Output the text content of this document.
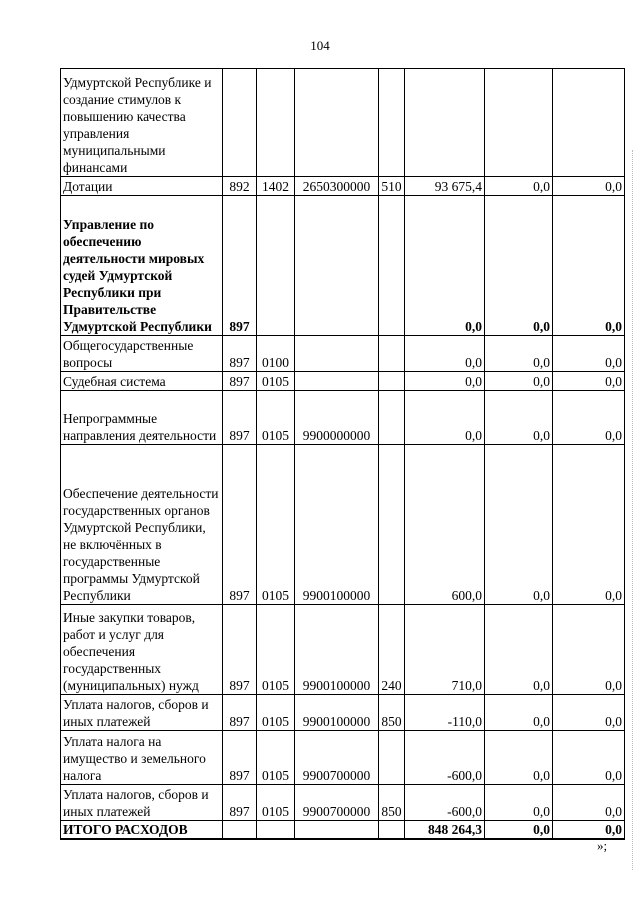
104
Удмуртской Республике и создание стимулов к повышению качества управления муниципальными финансами							
Дотации	892	1402	2650300000	510	93 675,4	0,0	0,0
Управление по обеспечению деятельности мировых судей Удмуртской Республики при Правительстве Удмуртской Республики	897				0,0	0,0	0,0
Общегосударственные вопросы	897	0100			0,0	0,0	0,0
Судебная система	897	0105			0,0	0,0	0,0
Непрограммные направления деятельности	897	0105	9900000000		0,0	0,0	0,0
Обеспечение деятельности государственных органов Удмуртской Республики, не включённых в государственные программы Удмуртской Республики	897	0105	9900100000		600,0	0,0	0,0
Иные закупки товаров, работ и услуг для обеспечения государственных (муниципальных) нужд	897	0105	9900100000	240	710,0	0,0	0,0
Уплата налогов, сборов и иных платежей	897	0105	9900100000	850	-110,0	0,0	0,0
Уплата налога на имущество и земельного налога	897	0105	9900700000		-600,0	0,0	0,0
Уплата налогов, сборов и иных платежей	897	0105	9900700000	850	-600,0	0,0	0,0
ИТОГО РАСХОДОВ					848 264,3	0,0	0,0
»;
